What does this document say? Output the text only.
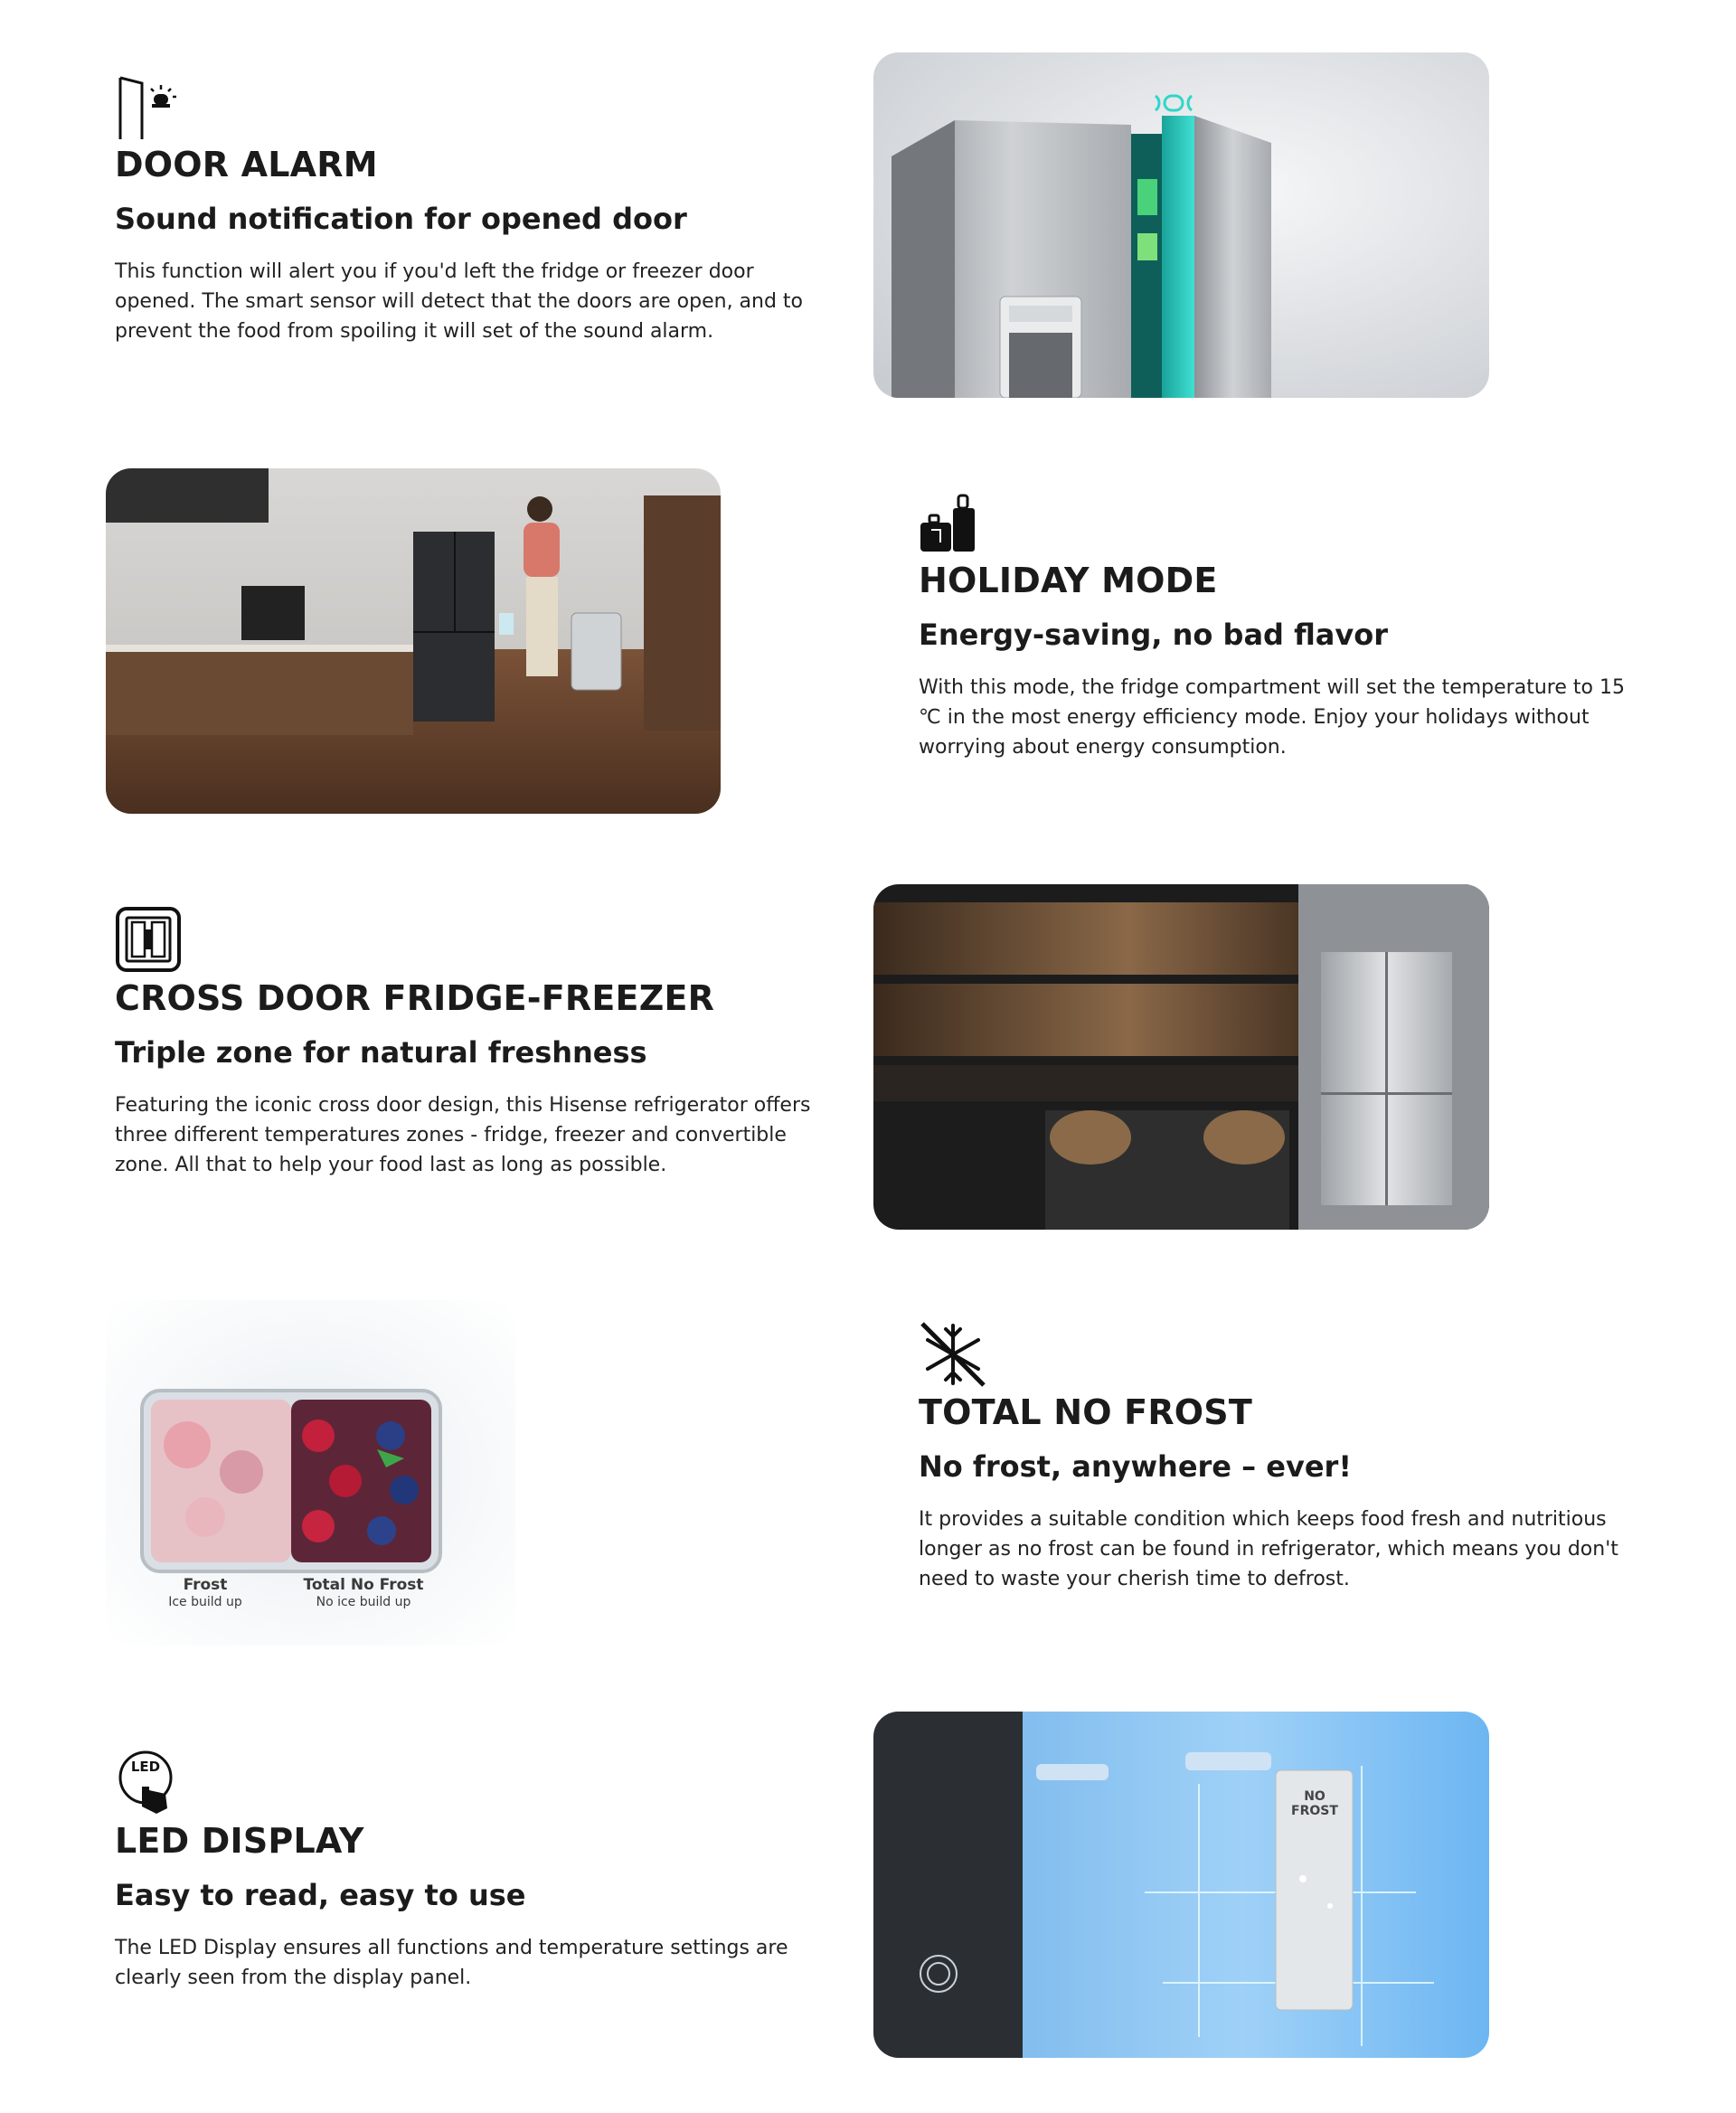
DOOR ALARM
Sound notification for opened door

This function will alert you if you'd left the fridge or freezer door opened. The smart sensor will detect that the doors are open, and to prevent the food from spoiling it will set of the sound alarm.

HOLIDAY MODE
Energy-saving, no bad flavor

With this mode, the fridge compartment will set the temperature to 15 ℃ in the most energy efficiency mode. Enjoy your holidays without worrying about energy consumption.

CROSS DOOR FRIDGE-FREEZER
Triple zone for natural freshness

Featuring the iconic cross door design, this Hisense refrigerator offers three different temperatures zones - fridge, freezer and convertible zone. All that to help your food last as long as possible.

Frost
Ice build up
Total No Frost
No ice build up
TOTAL NO FROST
No frost, anywhere – ever!

It provides a suitable condition which keeps food fresh and nutritious longer as no frost can be found in refrigerator, which means you don't need to waste your cherish time to defrost.

LED
LED DISPLAY
Easy to read, easy to use

The LED Display ensures all functions and temperature settings are clearly seen from the display panel.

NO FROST
